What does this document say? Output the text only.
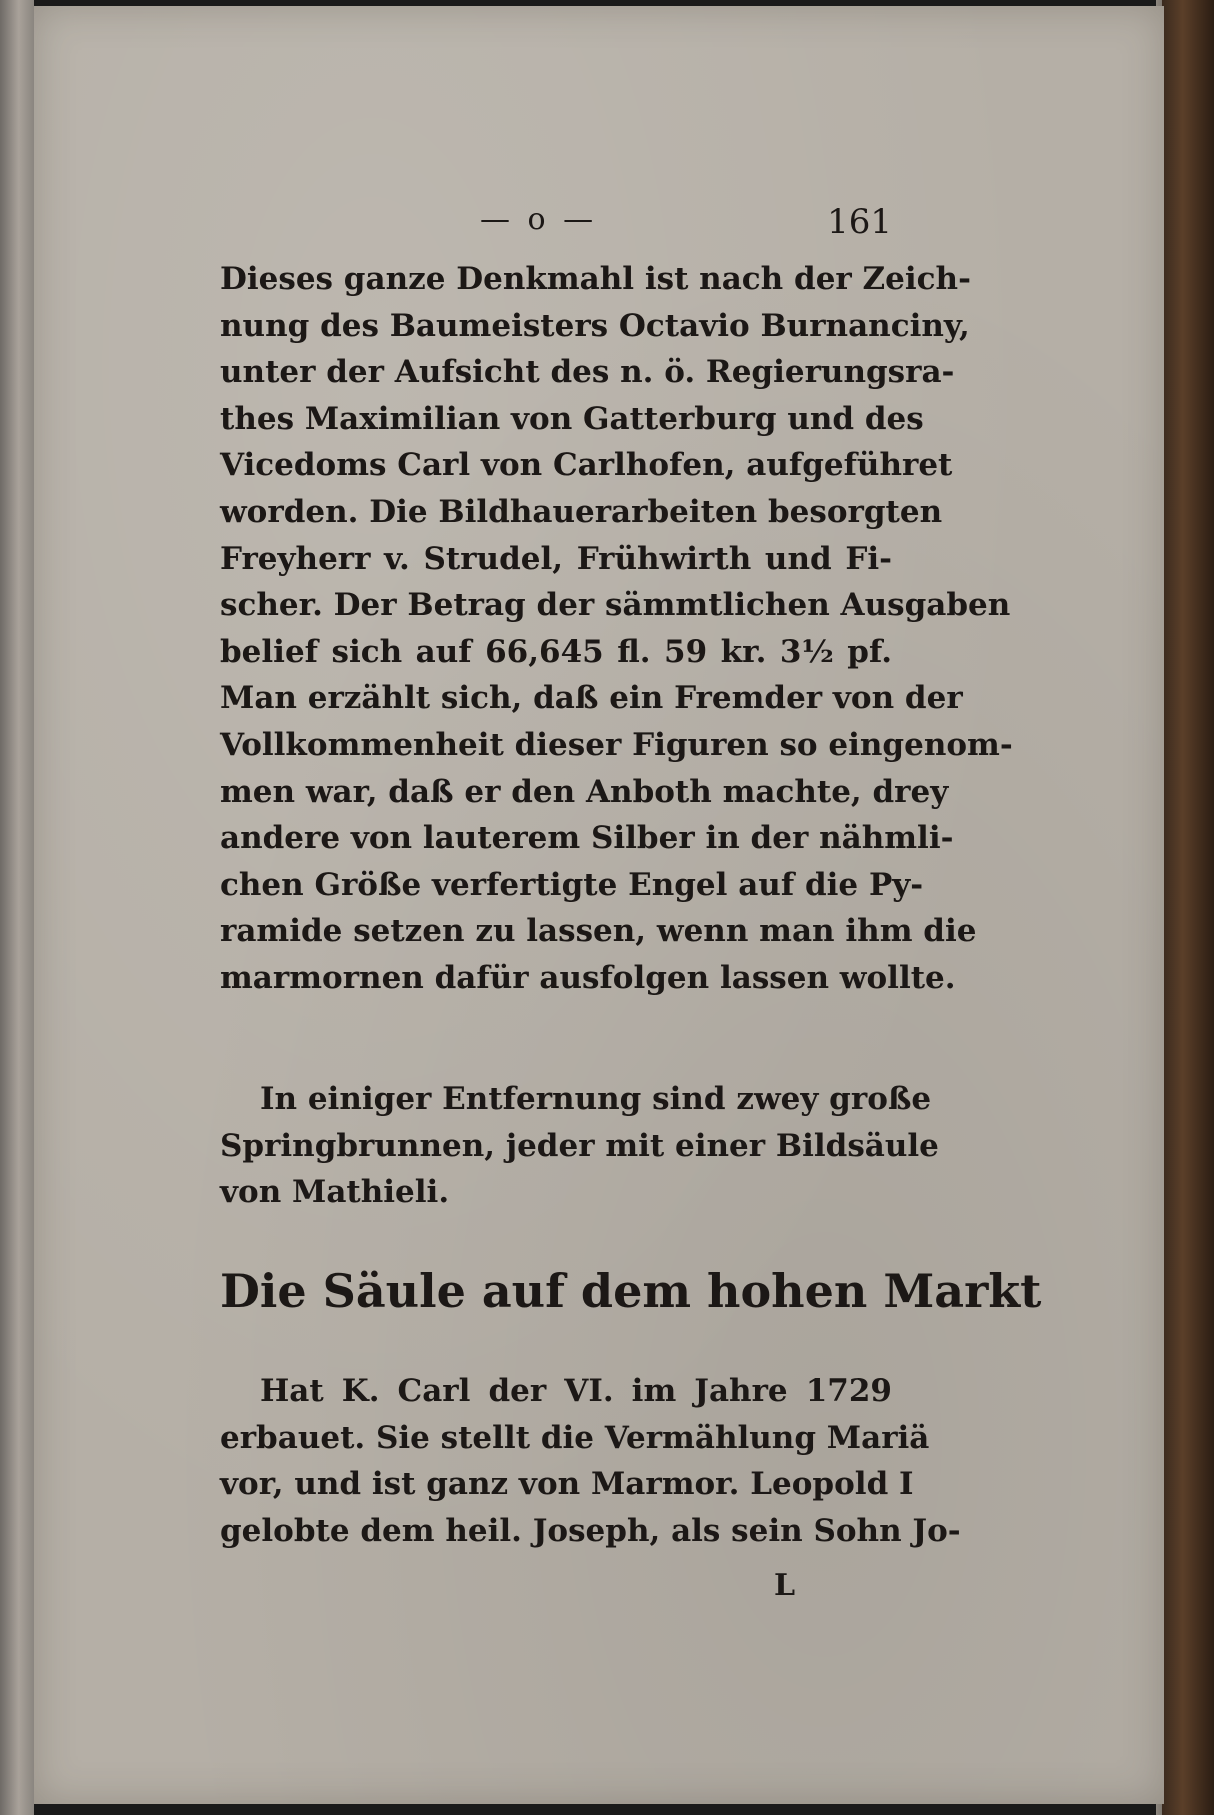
— o —	161
Dieses ganze Denkmahl ist nach der Zeich-
nung des Baumeisters Octavio Burnanciny,
unter der Aufsicht des n. ö. Regierungsra-
thes Maximilian von Gatterburg und des
Vicedoms Carl von Carlhofen, aufgeführet
worden. Die Bildhauerarbeiten besorgten
Freyherr v. Strudel, Frühwirth und Fi-
scher. Der Betrag der sämmtlichen Ausgaben
belief sich auf 66,645 fl. 59 kr. 3½ pf.
Man erzählt sich, daß ein Fremder von der
Vollkommenheit dieser Figuren so eingenom-
men war, daß er den Anboth machte, drey
andere von lauterem Silber in der nähmli-
chen Größe verfertigte Engel auf die Py-
ramide setzen zu lassen, wenn man ihm die
marmornen dafür ausfolgen lassen wollte.
In einiger Entfernung sind zwey große
Springbrunnen, jeder mit einer Bildsäule
von Mathieli.
Die Säule auf dem hohen Markt
Hat K. Carl der VI. im Jahre 1729
erbauet. Sie stellt die Vermählung Mariä
vor, und ist ganz von Marmor. Leopold I
gelobte dem heil. Joseph, als sein Sohn Jo-
L
